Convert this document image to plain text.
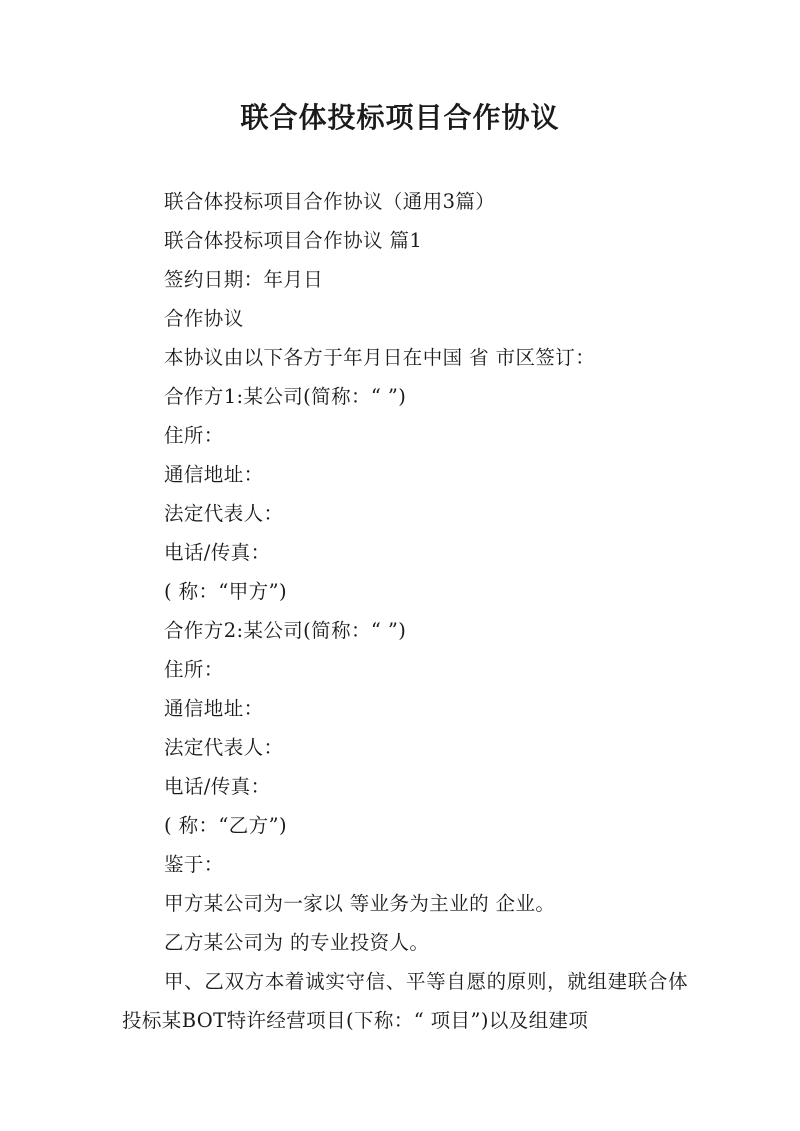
联合体投标项目合作协议

联合体投标项目合作协议（通用3篇）

联合体投标项目合作协议 篇1

签约日期：年月日

合作协议

本协议由以下各方于年月日在中国 省 市区签订：

合作方1:某公司(简称：“ ”)

住所：

通信地址：

法定代表人：

电话/传真：

( 称：“甲方”)

合作方2:某公司(简称：“ ”)

住所：

通信地址：

法定代表人：

电话/传真：

( 称：“乙方”)

鉴于：

甲方某公司为一家以 等业务为主业的 企业。

乙方某公司为 的专业投资人。

甲、乙双方本着诚实守信、平等自愿的原则，就组建联合体投标某BOT特许经营项目(下称：“ 项目”)以及组建项
